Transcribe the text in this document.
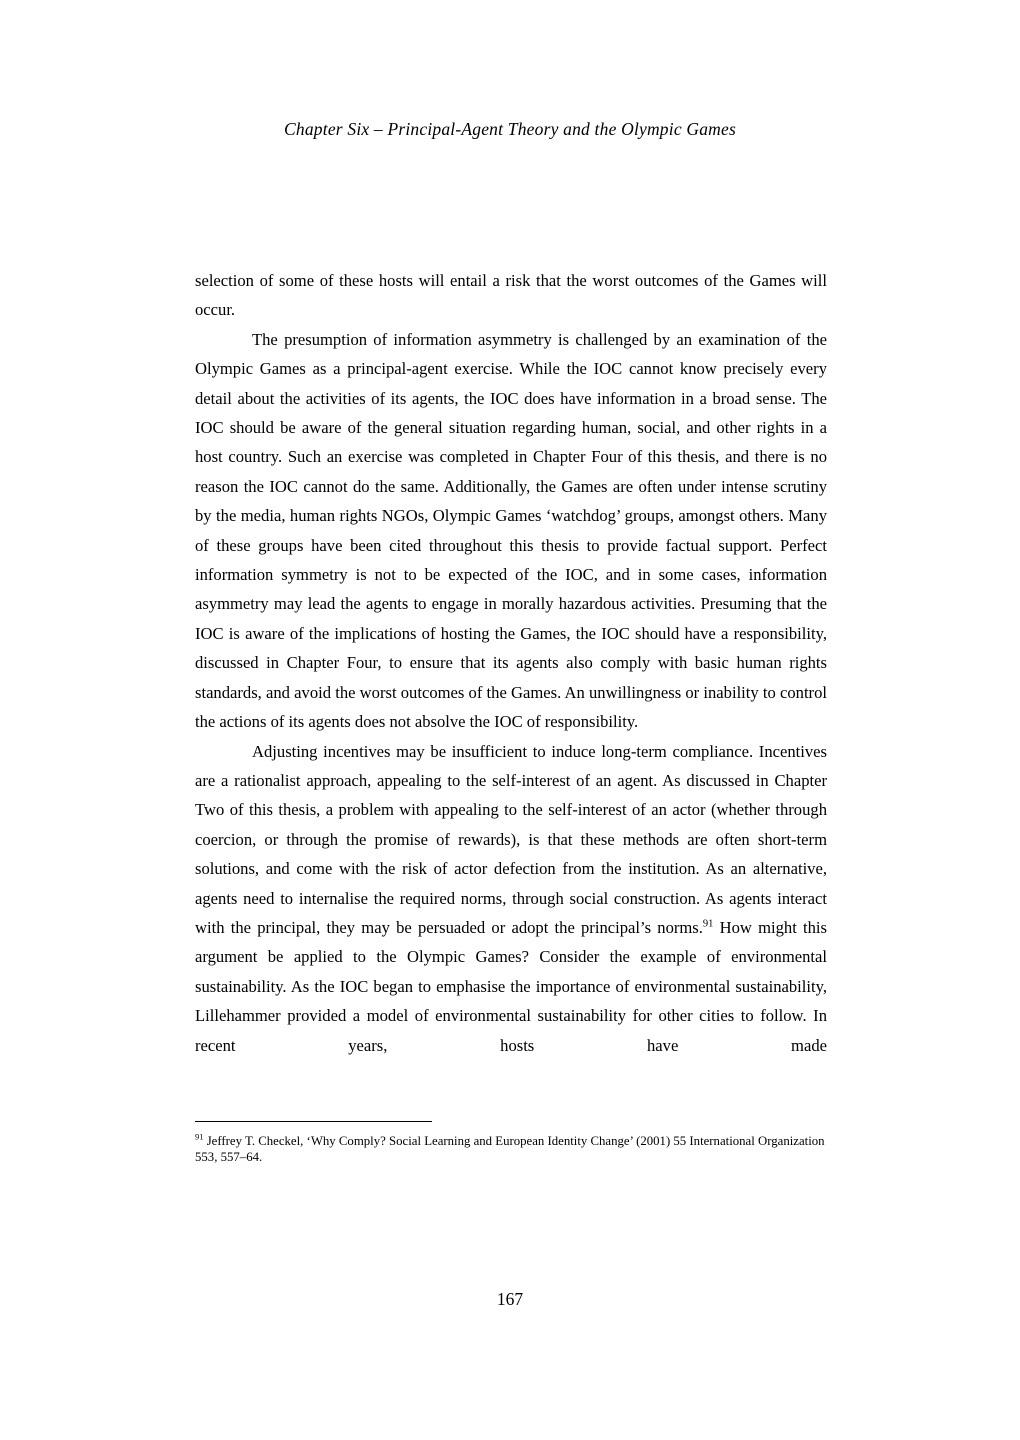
Chapter Six – Principal-Agent Theory and the Olympic Games

selection of some of these hosts will entail a risk that the worst outcomes of the Games will occur.

The presumption of information asymmetry is challenged by an examination of the Olympic Games as a principal-agent exercise. While the IOC cannot know precisely every detail about the activities of its agents, the IOC does have information in a broad sense. The IOC should be aware of the general situation regarding human, social, and other rights in a host country. Such an exercise was completed in Chapter Four of this thesis, and there is no reason the IOC cannot do the same. Additionally, the Games are often under intense scrutiny by the media, human rights NGOs, Olympic Games ‘watchdog’ groups, amongst others. Many of these groups have been cited throughout this thesis to provide factual support. Perfect information symmetry is not to be expected of the IOC, and in some cases, information asymmetry may lead the agents to engage in morally hazardous activities. Presuming that the IOC is aware of the implications of hosting the Games, the IOC should have a responsibility, discussed in Chapter Four, to ensure that its agents also comply with basic human rights standards, and avoid the worst outcomes of the Games. An unwillingness or inability to control the actions of its agents does not absolve the IOC of responsibility.

Adjusting incentives may be insufficient to induce long-term compliance. Incentives are a rationalist approach, appealing to the self-interest of an agent. As discussed in Chapter Two of this thesis, a problem with appealing to the self-interest of an actor (whether through coercion, or through the promise of rewards), is that these methods are often short-term solutions, and come with the risk of actor defection from the institution. As an alternative, agents need to internalise the required norms, through social construction. As agents interact with the principal, they may be persuaded or adopt the principal’s norms.$^{91}$ How might this argument be applied to the Olympic Games? Consider the example of environmental sustainability. As the IOC began to emphasise the importance of environmental sustainability, Lillehammer provided a model of environmental sustainability for other cities to follow. In recent years, hosts have made

$^{91}$ Jeffrey T. Checkel, ‘Why Comply? Social Learning and European Identity Change’ (2001) 55 International Organization 553, 557–64.
167
